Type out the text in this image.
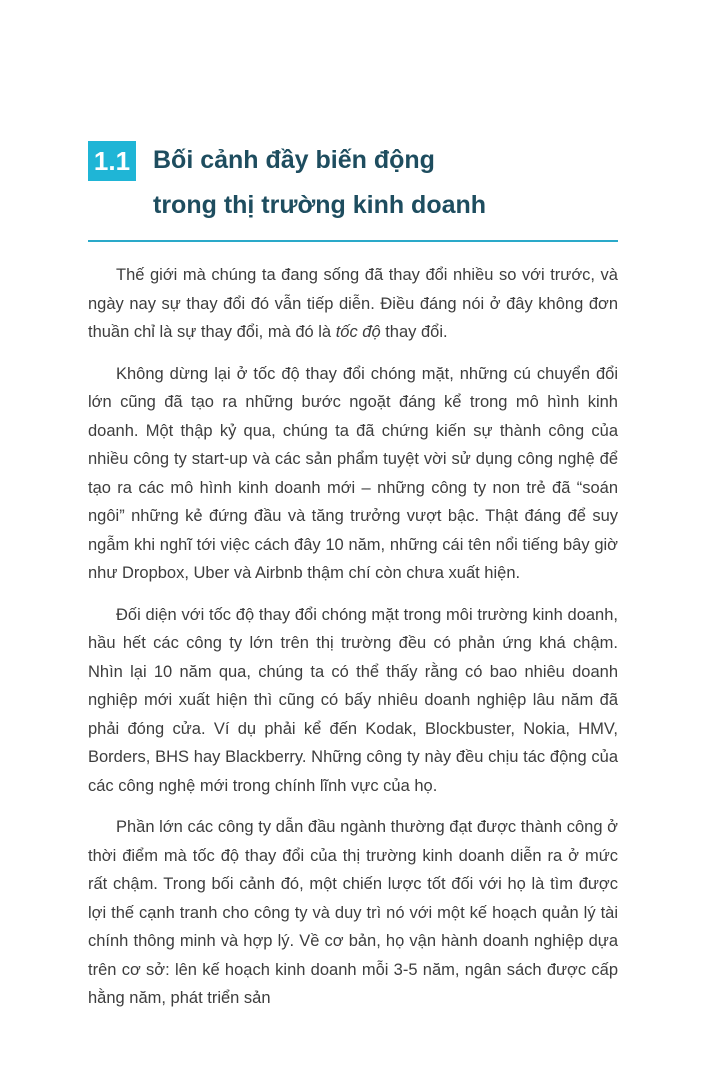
1.1 Bối cảnh đầy biến động
trong thị trường kinh doanh

Thế giới mà chúng ta đang sống đã thay đổi nhiều so với trước, và ngày nay sự thay đổi đó vẫn tiếp diễn. Điều đáng nói ở đây không đơn thuần chỉ là sự thay đổi, mà đó là tốc độ thay đổi.

Không dừng lại ở tốc độ thay đổi chóng mặt, những cú chuyển đổi lớn cũng đã tạo ra những bước ngoặt đáng kể trong mô hình kinh doanh. Một thập kỷ qua, chúng ta đã chứng kiến sự thành công của nhiều công ty start-up và các sản phẩm tuyệt vời sử dụng công nghệ để tạo ra các mô hình kinh doanh mới – những công ty non trẻ đã “soán ngôi” những kẻ đứng đầu và tăng trưởng vượt bậc. Thật đáng để suy ngẫm khi nghĩ tới việc cách đây 10 năm, những cái tên nổi tiếng bây giờ như Dropbox, Uber và Airbnb thậm chí còn chưa xuất hiện.

Đối diện với tốc độ thay đổi chóng mặt trong môi trường kinh doanh, hầu hết các công ty lớn trên thị trường đều có phản ứng khá chậm. Nhìn lại 10 năm qua, chúng ta có thể thấy rằng có bao nhiêu doanh nghiệp mới xuất hiện thì cũng có bấy nhiêu doanh nghiệp lâu năm đã phải đóng cửa. Ví dụ phải kể đến Kodak, Blockbuster, Nokia, HMV, Borders, BHS hay Blackberry. Những công ty này đều chịu tác động của các công nghệ mới trong chính lĩnh vực của họ.

Phần lớn các công ty dẫn đầu ngành thường đạt được thành công ở thời điểm mà tốc độ thay đổi của thị trường kinh doanh diễn ra ở mức rất chậm. Trong bối cảnh đó, một chiến lược tốt đối với họ là tìm được lợi thế cạnh tranh cho công ty và duy trì nó với một kế hoạch quản lý tài chính thông minh và hợp lý. Về cơ bản, họ vận hành doanh nghiệp dựa trên cơ sở: lên kế hoạch kinh doanh mỗi 3-5 năm, ngân sách được cấp hằng năm, phát triển sản
